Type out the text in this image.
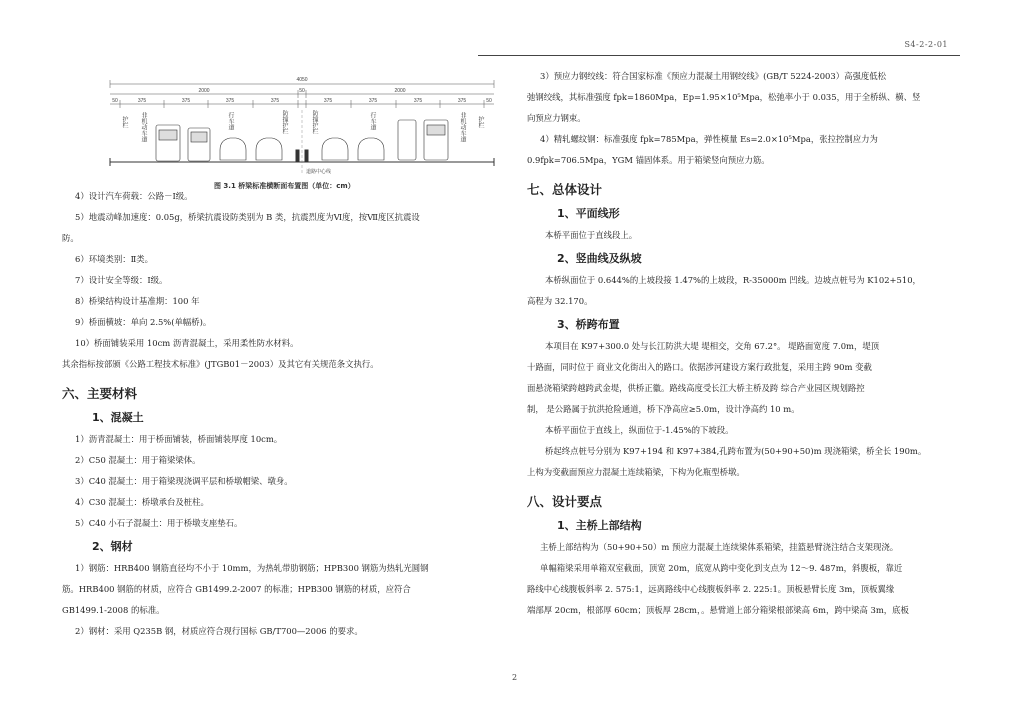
S4-2-2-01
4050
2000	2000
50
50	375	375	375	375	375	375	375	375	50
护栏 非机动车道	行车道	防撞护栏	防撞护栏	行车道	非机动车道 护栏
道路中心线
图 3.1 桥梁标准横断面布置图（单位：cm）

4）设计汽车荷载：公路－Ⅰ级。

5）地震动峰加速度：0.05g，桥梁抗震设防类别为 B 类，抗震烈度为Ⅵ度，按Ⅶ度区抗震设

防。

6）环境类别：Ⅱ类。

7）设计安全等级：Ⅰ级。

8）桥梁结构设计基准期：100 年

9）桥面横坡：单向 2.5%(单幅桥)。

10）桥面铺装采用 10cm 沥青混凝土，采用柔性防水材料。

其余指标按部颁《公路工程技术标准》(JTGB01－2003）及其它有关规范条文执行。

六、主要材料

1、混凝土

1）沥青混凝土：用于桥面铺装，桥面铺装厚度 10cm。

2）C50 混凝土：用于箱梁梁体。

3）C40 混凝土：用于箱梁现浇调平层和桥墩帽梁、墩身。

4）C30 混凝土：桥墩承台及桩柱。

5）C40 小石子混凝土：用于桥墩支座垫石。

2、钢材

1）钢筋：HRB400 钢筋直径均不小于 10mm，为热轧带肋钢筋；HPB300 钢筋为热轧光圆钢

筋。HRB400 钢筋的材质，应符合 GB1499.2-2007 的标准；HPB300 钢筋的材质，应符合

GB1499.1-2008 的标准。

2）钢材：采用 Q235B 钢，材质应符合现行国标 GB/T700—2006 的要求。

3）预应力钢绞线：符合国家标准《预应力混凝土用钢绞线》(GB/T 5224-2003）高强度低松

弛钢绞线，其标准强度 fpk=1860Mpa，Ep=1.95×10⁵Mpa，松弛率小于 0.035，用于全桥纵、横、竖

向预应力钢束。

4）精轧螺纹钢：标准强度 fpk=785Mpa，弹性模量 Es=2.0×10⁵Mpa，张拉控制应力为

0.9fpk=706.5Mpa，YGM 锚固体系。用于箱梁竖向预应力筋。

七、总体设计

1、平面线形

本桥平面位于直线段上。

2、竖曲线及纵坡

本桥纵面位于 0.644%的上坡段接 1.47%的上坡段，R-35000m 凹线。边坡点桩号为 K102+510，

高程为 32.170。

3、桥跨布置

本项目在 K97+300.0 处与长江防洪大堤 堤相交，交角 67.2°。 堤路面宽度 7.0m，堤顶

十路面，同时位于 商业文化街出入的路口。依据涉河建设方案行政批复，采用主跨 90m 变截

面悬浇箱梁跨越跨武金堤，供桥正徽。路线高度受长江大桥主桥及跨 综合产业园区规划路控

制， 是公路属于抗洪抢险通道，桥下净高应≥5.0m，设计净高约 10 m。

本桥平面位于直线上，纵面位于-1.45%的下坡段。

桥起终点桩号分别为 K97+194 和 K97+384,孔跨布置为(50+90+50)m 现浇箱梁，桥全长 190m。

上构为变截面预应力混凝土连续箱梁，下构为化瓶型桥墩。

八、设计要点

1、主桥上部结构

主桥上部结构为（50+90+50）m 预应力混凝土连续梁体系箱梁，挂篮悬臂浇注结合支架现浇。

单幅箱梁采用单箱双室截面，顶宽 20m，底宽从跨中变化到支点为 12～9. 487m，斜腹板，靠近

路线中心线腹板斜率 2. 575:1，远离路线中心线腹板斜率 2. 225:1。顶板悬臂长度 3m，顶板翼缘

端部厚 20cm，根部厚 60cm；顶板厚 28cm，。悬臂道上部分箱梁根部梁高 6m，跨中梁高 3m，底板

2
